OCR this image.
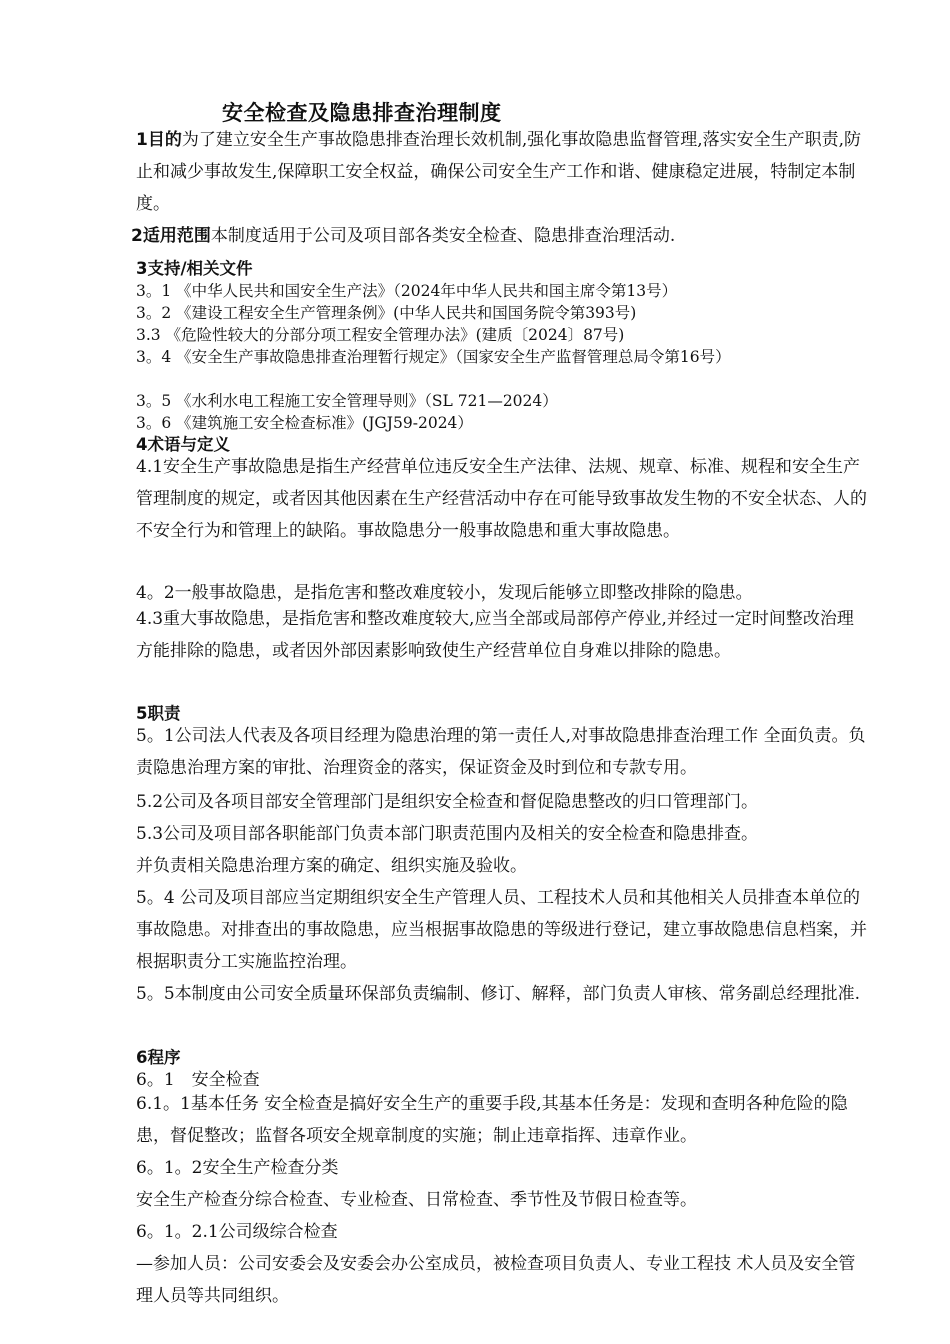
安全检查及隐患排查治理制度

1目的为了建立安全生产事故隐患排查治理长效机制,强化事故隐患监督管理,落实安全生产职责,防止和减少事故发生,保障职工安全权益，确保公司安全生产工作和谐、健康稳定进展，特制定本制度。

2适用范围本制度适用于公司及项目部各类安全检查、隐患排查治理活动.

3支持/相关文件

3。1 《中华人民共和国安全生产法》（2024年中华人民共和国主席令第13号）

3。2 《建设工程安全生产管理条例》(中华人民共和国国务院令第393号)

3.3 《危险性较大的分部分项工程安全管理办法》(建质〔2024〕87号)

3。4 《安全生产事故隐患排查治理暂行规定》（国家安全生产监督管理总局令第16号）

3。5 《水利水电工程施工安全管理导则》（SL 721—2024）

3。6 《建筑施工安全检查标准》(JGJ59-2024）

4术语与定义

4.1安全生产事故隐患是指生产经营单位违反安全生产法律、法规、规章、标准、规程和安全生产管理制度的规定，或者因其他因素在生产经营活动中存在可能导致事故发生物的不安全状态、人的不安全行为和管理上的缺陷。事故隐患分一般事故隐患和重大事故隐患。

4。2一般事故隐患，是指危害和整改难度较小，发现后能够立即整改排除的隐患。

4.3重大事故隐患，是指危害和整改难度较大,应当全部或局部停产停业,并经过一定时间整改治理方能排除的隐患，或者因外部因素影响致使生产经营单位自身难以排除的隐患。

5职责

5。1公司法人代表及各项目经理为隐患治理的第一责任人,对事故隐患排查治理工作 全面负责。负责隐患治理方案的审批、治理资金的落实，保证资金及时到位和专款专用。

5.2公司及各项目部安全管理部门是组织安全检查和督促隐患整改的归口管理部门。

5.3公司及项目部各职能部门负责本部门职责范围内及相关的安全检查和隐患排查。

并负责相关隐患治理方案的确定、组织实施及验收。

5。4 公司及项目部应当定期组织安全生产管理人员、工程技术人员和其他相关人员排查本单位的事故隐患。对排查出的事故隐患，应当根据事故隐患的等级进行登记，建立事故隐患信息档案，并根据职责分工实施监控治理。

5。5本制度由公司安全质量环保部负责编制、修订、解释，部门负责人审核、常务副总经理批准.

6程序

6。1　安全检查

6.1。1基本任务 安全检查是搞好安全生产的重要手段,其基本任务是：发现和查明各种危险的隐患，督促整改；监督各项安全规章制度的实施；制止违章指挥、违章作业。

6。1。2安全生产检查分类

安全生产检查分综合检查、专业检查、日常检查、季节性及节假日检查等。

6。1。2.1公司级综合检查

—参加人员：公司安委会及安委会办公室成员，被检查项目负责人、专业工程技 术人员及安全管理人员等共同组织。
